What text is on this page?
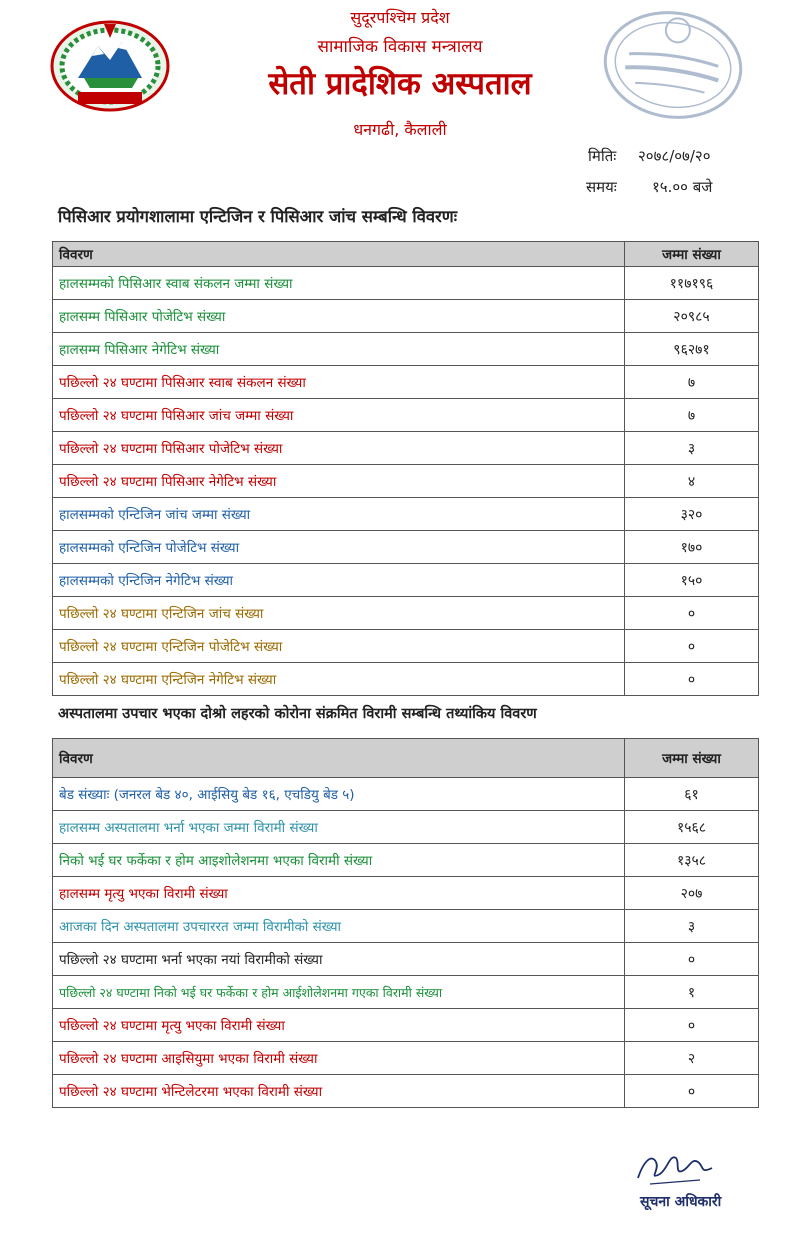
सुदूरपश्चिम प्रदेश
सामाजिक विकास मन्त्रालय
सेती प्रादेशिक अस्पताल
धनगढी, कैलाली
मितिः २०७८/०७/२०
समयः १५.०० बजे
पिसिआर प्रयोगशालामा एन्टिजिन र पिसिआर जांच सम्बन्धि विवरणः
विवरण	जम्मा संख्या
हालसम्मको पिसिआर स्वाब संकलन जम्मा संख्या	११७१९६
हालसम्म पिसिआर पोजेटिभ संख्या	२०९८५
हालसम्म पिसिआर नेगेटिभ संख्या	९६२७१
पछिल्लो २४ घण्टामा पिसिआर स्वाब संकलन संख्या	७
पछिल्लो २४ घण्टामा पिसिआर जांच जम्मा संख्या	७
पछिल्लो २४ घण्टामा पिसिआर पोजेटिभ संख्या	३
पछिल्लो २४ घण्टामा पिसिआर नेगेटिभ संख्या	४
हालसम्मको एन्टिजिन जांच जम्मा संख्या	३२०
हालसम्मको एन्टिजिन पोजेटिभ संख्या	१७०
हालसम्मको एन्टिजिन नेगेटिभ संख्या	१५०
पछिल्लो २४ घण्टामा एन्टिजिन जांच संख्या	०
पछिल्लो २४ घण्टामा एन्टिजिन पोजेटिभ संख्या	०
पछिल्लो २४ घण्टामा एन्टिजिन नेगेटिभ संख्या	०
अस्पतालमा उपचार भएका दोश्रो लहरको कोरोना संक्रमित विरामी सम्बन्धि तथ्यांकिय विवरण
विवरण	जम्मा संख्या
बेड संख्याः (जनरल बेड ४०, आईसियु बेड १६, एचडियु बेड ५)	६१
हालसम्म अस्पतालमा भर्ना भएका जम्मा विरामी संख्या	१५६८
निको भई घर फर्केका र होम आइशोलेशनमा भएका विरामी संख्या	१३५८
हालसम्म मृत्यु भएका विरामी संख्या	२०७
आजका दिन अस्पतालमा उपचाररत जम्मा विरामीको संख्या	३
पछिल्लो २४ घण्टामा भर्ना भएका नयां विरामीको संख्या	०
पछिल्लो २४ घण्टामा निको भई घर फर्केका र होम आईशोलेशनमा गएका विरामी संख्या	१
पछिल्लो २४ घण्टामा मृत्यु भएका विरामी संख्या	०
पछिल्लो २४ घण्टामा आइसियुमा भएका विरामी संख्या	२
पछिल्लो २४ घण्टामा भेन्टिलेटरमा भएका विरामी संख्या	०
सूचना अधिकारी
